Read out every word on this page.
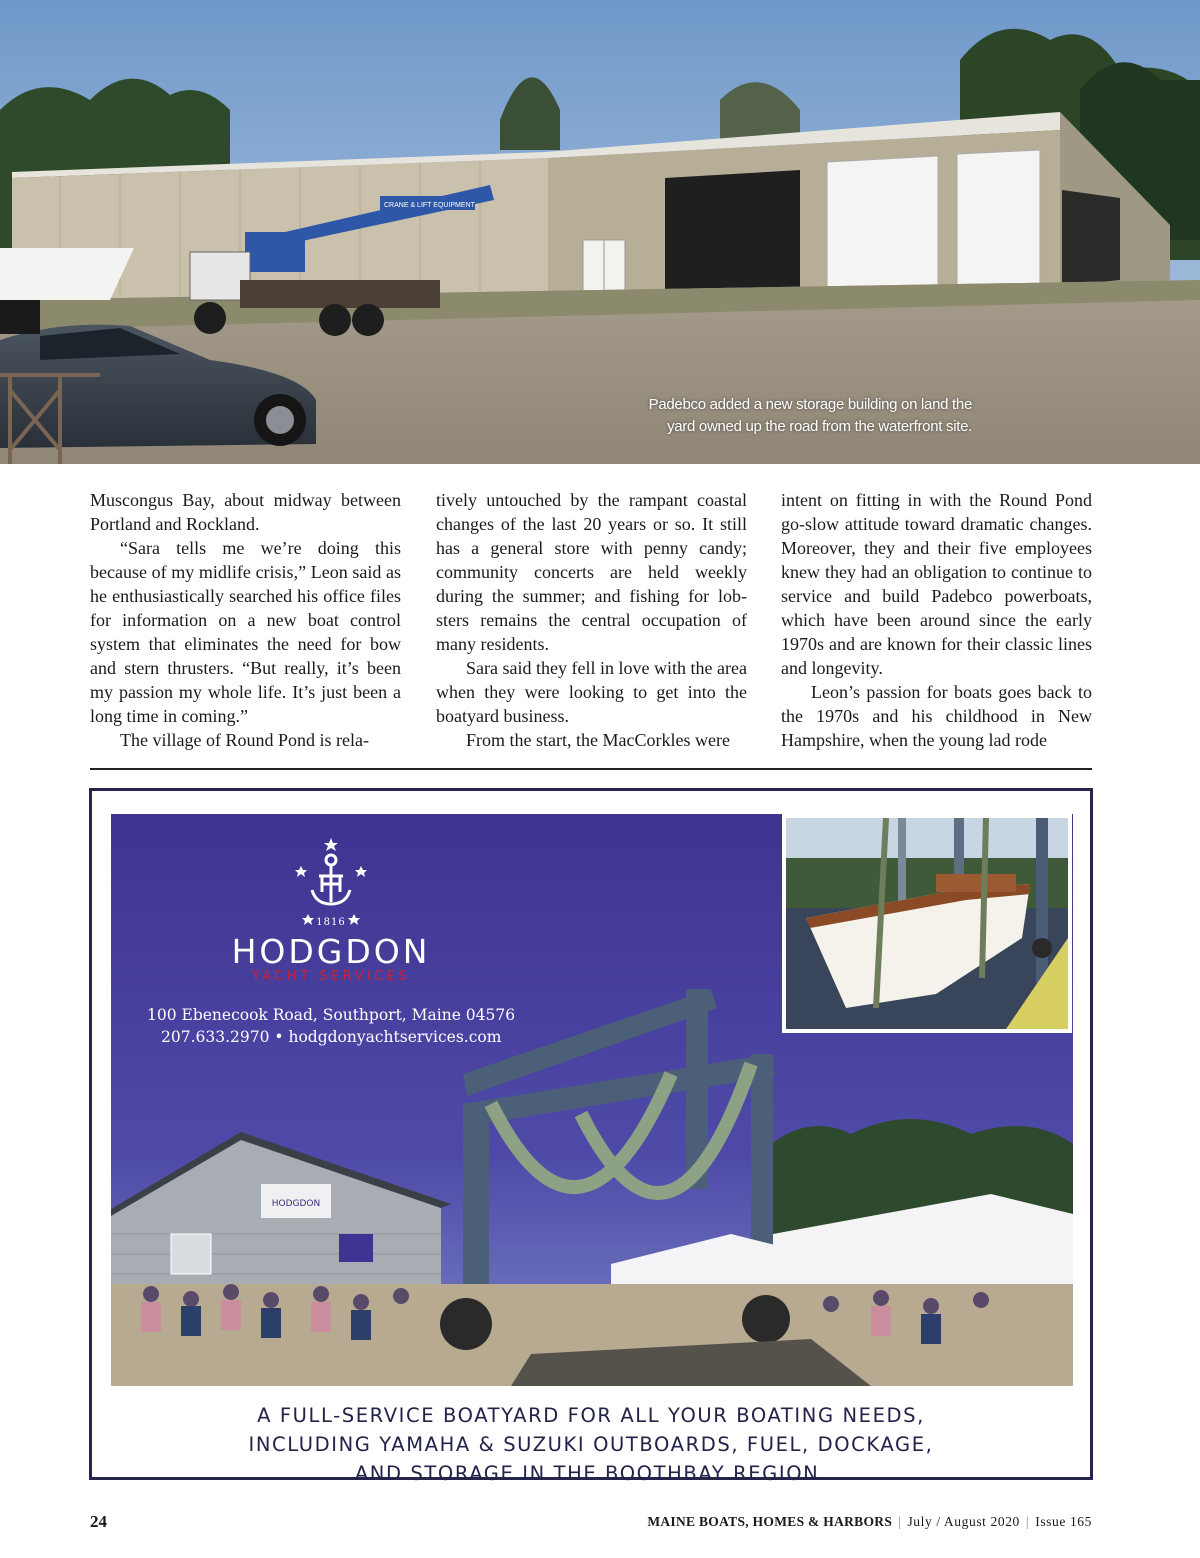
CRANE & LIFT EQUIPMENT
Padebco added a new storage building on land the
yard owned up the road from the waterfront site.

Muscongus Bay, about midway between Portland and Rockland.

“Sara tells me we’re doing this because of my midlife crisis,” Leon said as he enthusiastically searched his office files for information on a new boat control system that eliminates the need for bow and stern thrusters. “But really, it’s been my passion my whole life. It’s just been a long time in coming.”

The village of Round Pond is rela-

tively untouched by the rampant coastal changes of the last 20 years or so. It still has a general store with penny candy; community concerts are held weekly during the summer; and fishing for lobsters remains the central occupation of many residents.

Sara said they fell in love with the area when they were looking to get into the boatyard business.

From the start, the MacCorkles were

intent on fitting in with the Round Pond go-slow attitude toward dramatic changes. Moreover, they and their five employees knew they had an obligation to continue to service and build Padebco powerboats, which have been around since the early 1970s and are known for their classic lines and longevity.

Leon’s passion for boats goes back to the 1970s and his childhood in New Hampshire, when the young lad rode

HODGDON
1816
HODGDON
YACHT SERVICES
100 Ebenecook Road, Southport, Maine 04576
207.633.2970 • hodgdonyachtservices.com
A FULL-SERVICE BOATYARD FOR ALL YOUR BOATING NEEDS,
INCLUDING YAMAHA & SUZUKI OUTBOARDS, FUEL, DOCKAGE,
AND STORAGE IN THE BOOTHBAY REGION.
24	MAINE BOATS, HOMES & HARBORS | July / August 2020 | Issue 165
